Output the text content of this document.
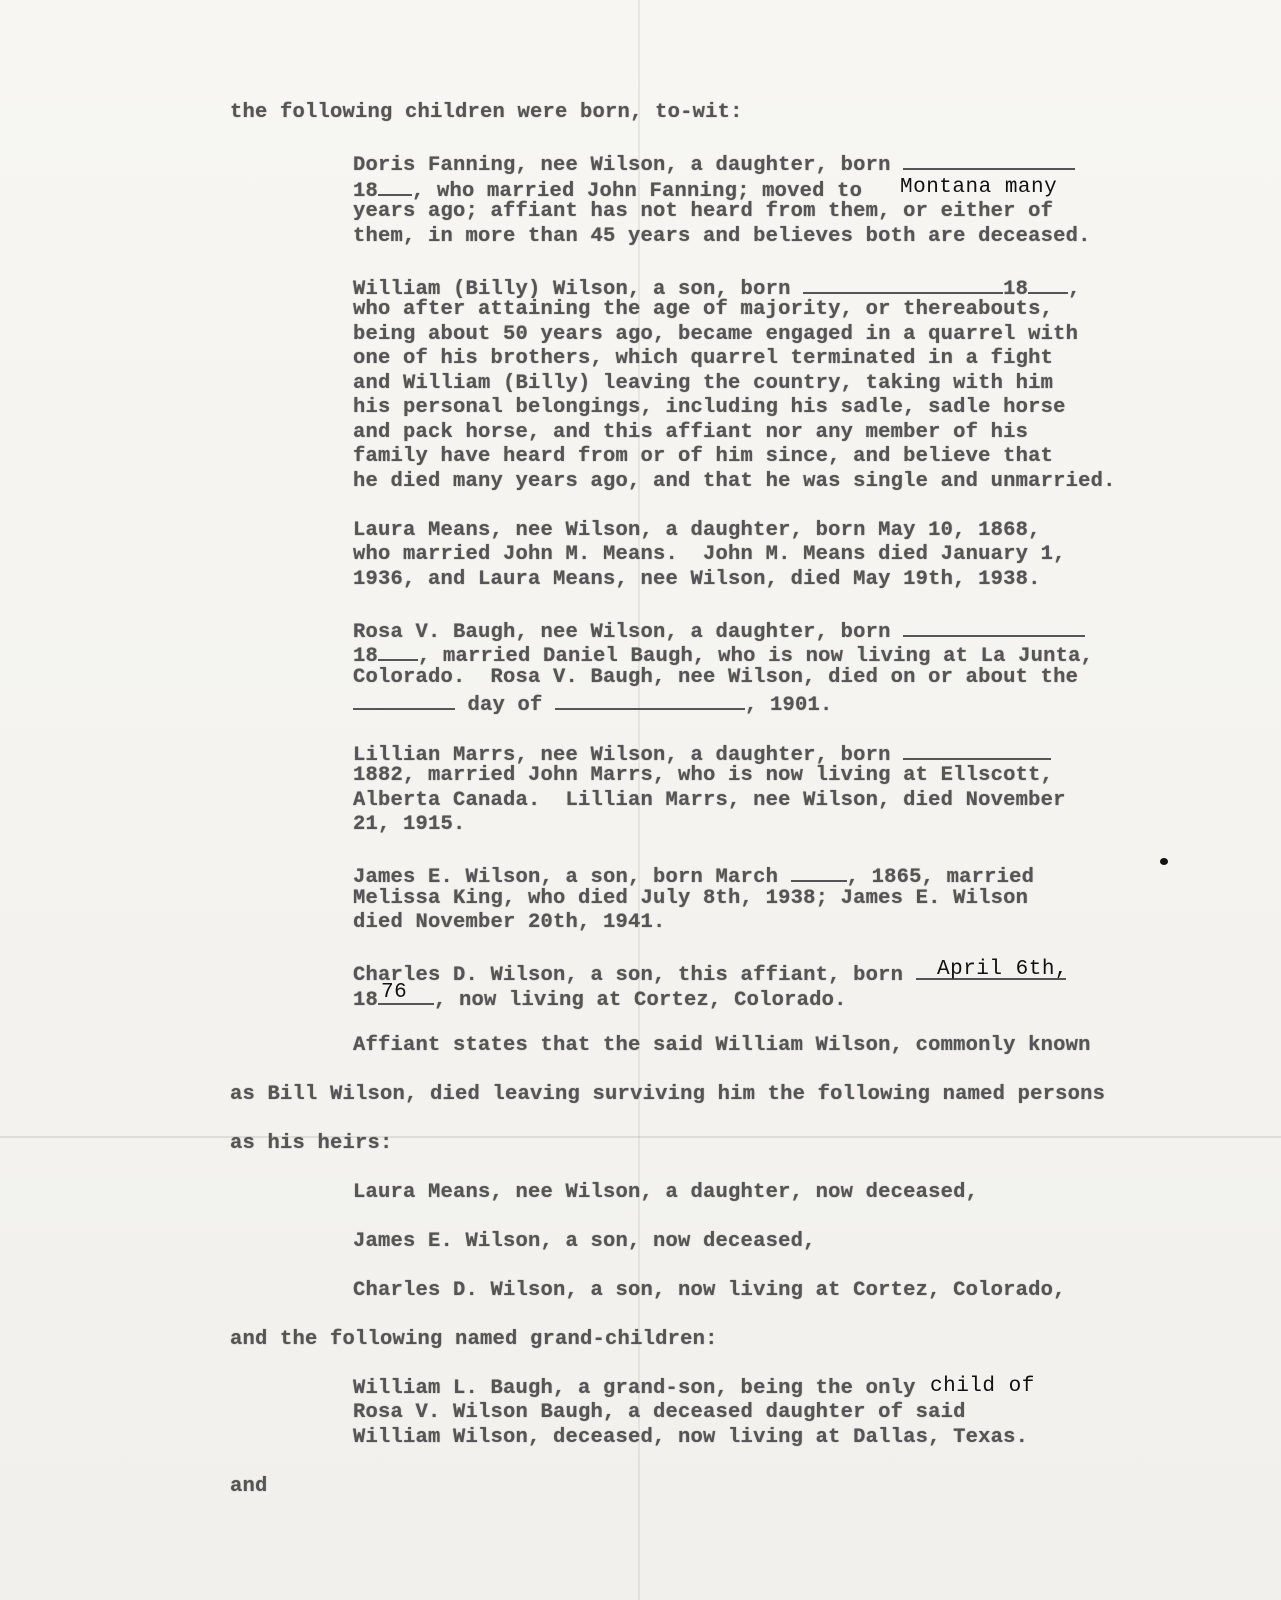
the following children were born, to-wit:
Doris Fanning, nee Wilson, a daughter, born
18 , who married John Fanning; moved to Montana many
years ago; affiant has not heard from them, or either of
them, in more than 45 years and believes both are deceased.
William (Billy) Wilson, a son, born	18 ,
who after attaining the age of majority, or thereabouts,
being about 50 years ago, became engaged in a quarrel with
one of his brothers, which quarrel terminated in a fight
and William (Billy) leaving the country, taking with him
his personal belongings, including his sadle, sadle horse
and pack horse, and this affiant nor any member of his
family have heard from or of him since, and believe that
he died many years ago, and that he was single and unmarried.
Laura Means, nee Wilson, a daughter, born May 10, 1868,
who married John M. Means.  John M. Means died January 1,
1936, and Laura Means, nee Wilson, died May 19th, 1938.
Rosa V. Baugh, nee Wilson, a daughter, born
18 , married Daniel Baugh, who is now living at La Junta,
Colorado.  Rosa V. Baugh, nee Wilson, died on or about the
day of	, 1901.
Lillian Marrs, nee Wilson, a daughter, born
1882, married John Marrs, who is now living at Ellscott,
Alberta Canada.  Lillian Marrs, nee Wilson, died November
21, 1915.
James E. Wilson, a son, born March	, 1865, married
Melissa King, who died July 8th, 1938; James E. Wilson
died November 20th, 1941.
Charles D. Wilson, a son, this affiant, born	April 6th,
18	, now living at Cortez, Colorado.
76
Affiant states that the said William Wilson, commonly known
as Bill Wilson, died leaving surviving him the following named persons
as his heirs:
Laura Means, nee Wilson, a daughter, now deceased,
James E. Wilson, a son, now deceased,
Charles D. Wilson, a son, now living at Cortez, Colorado,
and the following named grand-children:
William L. Baugh, a grand-son, being the only child of
Rosa V. Wilson Baugh, a deceased daughter of said
William Wilson, deceased, now living at Dallas, Texas.
and
